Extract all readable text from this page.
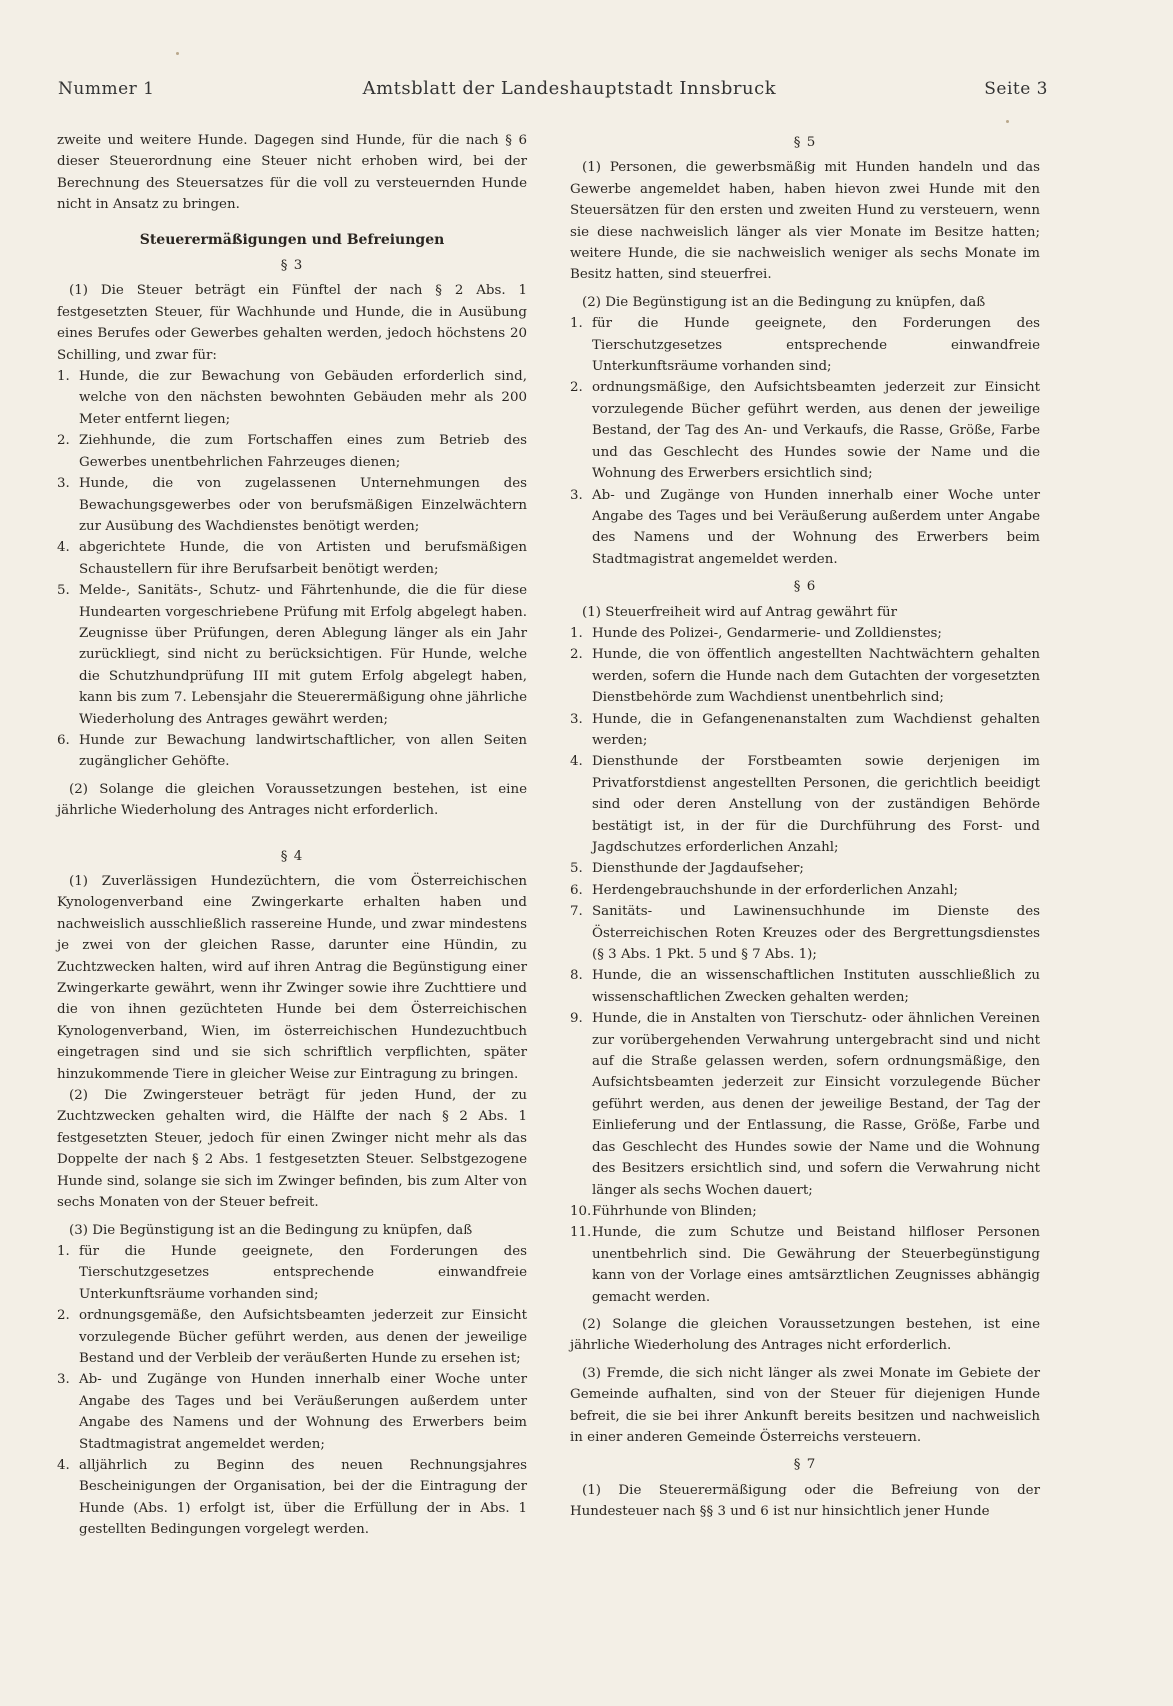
Nummer 1	Amtsblatt der Landeshauptstadt Innsbruck	Seite 3

zweite und weitere Hunde. Dagegen sind Hunde, für die nach § 6 dieser Steuerordnung eine Steuer nicht erhoben wird, bei der Berechnung des Steuersatzes für die voll zu versteuernden Hunde nicht in Ansatz zu bringen.

Steuerermäßigungen und Befreiungen
§ 3

(1) Die Steuer beträgt ein Fünftel der nach § 2 Abs. 1 festgesetzten Steuer, für Wachhunde und Hunde, die in Ausübung eines Berufes oder Gewerbes gehalten werden, jedoch höchstens 20 Schilling, und zwar für:

1. Hunde, die zur Bewachung von Gebäuden erforderlich sind, welche von den nächsten bewohnten Gebäuden mehr als 200 Meter entfernt liegen;
2. Ziehhunde, die zum Fortschaffen eines zum Betrieb des Gewerbes unentbehrlichen Fahrzeuges dienen;
3. Hunde, die von zugelassenen Unternehmungen des Bewachungsgewerbes oder von berufsmäßigen Einzelwächtern zur Ausübung des Wachdienstes benötigt werden;
4. abgerichtete Hunde, die von Artisten und berufsmäßigen Schaustellern für ihre Berufsarbeit benötigt werden;
5. Melde-, Sanitäts-, Schutz- und Fährtenhunde, die die für diese Hundearten vorgeschriebene Prüfung mit Erfolg abgelegt haben. Zeugnisse über Prüfungen, deren Ablegung länger als ein Jahr zurückliegt, sind nicht zu berücksichtigen. Für Hunde, welche die Schutzhundprüfung III mit gutem Erfolg abgelegt haben, kann bis zum 7. Lebensjahr die Steuerermäßigung ohne jährliche Wiederholung des Antrages gewährt werden;
6. Hunde zur Bewachung landwirtschaftlicher, von allen Seiten zugänglicher Gehöfte.

(2) Solange die gleichen Voraussetzungen bestehen, ist eine jährliche Wiederholung des Antrages nicht erforderlich.

§ 4

(1) Zuverlässigen Hundezüchtern, die vom Österreichischen Kynologenverband eine Zwingerkarte erhalten haben und nachweislich ausschließlich rassereine Hunde, und zwar mindestens je zwei von der gleichen Rasse, darunter eine Hündin, zu Zuchtzwecken halten, wird auf ihren Antrag die Begünstigung einer Zwingerkarte gewährt, wenn ihr Zwinger sowie ihre Zuchttiere und die von ihnen gezüchteten Hunde bei dem Österreichischen Kynologenverband, Wien, im österreichischen Hundezuchtbuch eingetragen sind und sie sich schriftlich verpflichten, später hinzukommende Tiere in gleicher Weise zur Eintragung zu bringen.

(2) Die Zwingersteuer beträgt für jeden Hund, der zu Zuchtzwecken gehalten wird, die Hälfte der nach § 2 Abs. 1 festgesetzten Steuer, jedoch für einen Zwinger nicht mehr als das Doppelte der nach § 2 Abs. 1 festgesetzten Steuer. Selbstgezogene Hunde sind, solange sie sich im Zwinger befinden, bis zum Alter von sechs Monaten von der Steuer befreit.

(3) Die Begünstigung ist an die Bedingung zu knüpfen, daß

1. für die Hunde geeignete, den Forderungen des Tierschutzgesetzes entsprechende einwandfreie Unterkunftsräume vorhanden sind;
2. ordnungsgemäße, den Aufsichtsbeamten jederzeit zur Einsicht vorzulegende Bücher geführt werden, aus denen der jeweilige Bestand und der Verbleib der veräußerten Hunde zu ersehen ist;
3. Ab- und Zugänge von Hunden innerhalb einer Woche unter Angabe des Tages und bei Veräußerungen außerdem unter Angabe des Namens und der Wohnung des Erwerbers beim Stadtmagistrat angemeldet werden;
4. alljährlich zu Beginn des neuen Rechnungsjahres Bescheinigungen der Organisation, bei der die Eintragung der Hunde (Abs. 1) erfolgt ist, über die Erfüllung der in Abs. 1 gestellten Bedingungen vorgelegt werden.
§ 5

(1) Personen, die gewerbsmäßig mit Hunden handeln und das Gewerbe angemeldet haben, haben hievon zwei Hunde mit den Steuersätzen für den ersten und zweiten Hund zu versteuern, wenn sie diese nachweislich länger als vier Monate im Besitze hatten; weitere Hunde, die sie nachweislich weniger als sechs Monate im Besitz hatten, sind steuerfrei.

(2) Die Begünstigung ist an die Bedingung zu knüpfen, daß

1. für die Hunde geeignete, den Forderungen des Tierschutzgesetzes entsprechende einwandfreie Unterkunftsräume vorhanden sind;
2. ordnungsmäßige, den Aufsichtsbeamten jederzeit zur Einsicht vorzulegende Bücher geführt werden, aus denen der jeweilige Bestand, der Tag des An- und Verkaufs, die Rasse, Größe, Farbe und das Geschlecht des Hundes sowie der Name und die Wohnung des Erwerbers ersichtlich sind;
3. Ab- und Zugänge von Hunden innerhalb einer Woche unter Angabe des Tages und bei Veräußerung außerdem unter Angabe des Namens und der Wohnung des Erwerbers beim Stadtmagistrat angemeldet werden.
§ 6

(1) Steuerfreiheit wird auf Antrag gewährt für

1. Hunde des Polizei-, Gendarmerie- und Zolldienstes;
2. Hunde, die von öffentlich angestellten Nachtwächtern gehalten werden, sofern die Hunde nach dem Gutachten der vorgesetzten Dienstbehörde zum Wachdienst unentbehrlich sind;
3. Hunde, die in Gefangenenanstalten zum Wachdienst gehalten werden;
4. Diensthunde der Forstbeamten sowie derjenigen im Privatforstdienst angestellten Personen, die gerichtlich beeidigt sind oder deren Anstellung von der zuständigen Behörde bestätigt ist, in der für die Durchführung des Forst- und Jagdschutzes erforderlichen Anzahl;
5. Diensthunde der Jagdaufseher;
6. Herdengebrauchshunde in der erforderlichen Anzahl;
7. Sanitäts- und Lawinensuchhunde im Dienste des Österreichischen Roten Kreuzes oder des Bergrettungsdienstes (§ 3 Abs. 1 Pkt. 5 und § 7 Abs. 1);
8. Hunde, die an wissenschaftlichen Instituten ausschließlich zu wissenschaftlichen Zwecken gehalten werden;
9. Hunde, die in Anstalten von Tierschutz- oder ähnlichen Vereinen zur vorübergehenden Verwahrung untergebracht sind und nicht auf die Straße gelassen werden, sofern ordnungsmäßige, den Aufsichtsbeamten jederzeit zur Einsicht vorzulegende Bücher geführt werden, aus denen der jeweilige Bestand, der Tag der Einlieferung und der Entlassung, die Rasse, Größe, Farbe und das Geschlecht des Hundes sowie der Name und die Wohnung des Besitzers ersichtlich sind, und sofern die Verwahrung nicht länger als sechs Wochen dauert;
10. Führhunde von Blinden;
11. Hunde, die zum Schutze und Beistand hilfloser Personen unentbehrlich sind. Die Gewährung der Steuerbegünstigung kann von der Vorlage eines amtsärztlichen Zeugnisses abhängig gemacht werden.

(2) Solange die gleichen Voraussetzungen bestehen, ist eine jährliche Wiederholung des Antrages nicht erforderlich.

(3) Fremde, die sich nicht länger als zwei Monate im Gebiete der Gemeinde aufhalten, sind von der Steuer für diejenigen Hunde befreit, die sie bei ihrer Ankunft bereits besitzen und nachweislich in einer anderen Gemeinde Österreichs versteuern.

§ 7

(1) Die Steuerermäßigung oder die Befreiung von der Hundesteuer nach §§ 3 und 6 ist nur hinsichtlich jener Hunde
